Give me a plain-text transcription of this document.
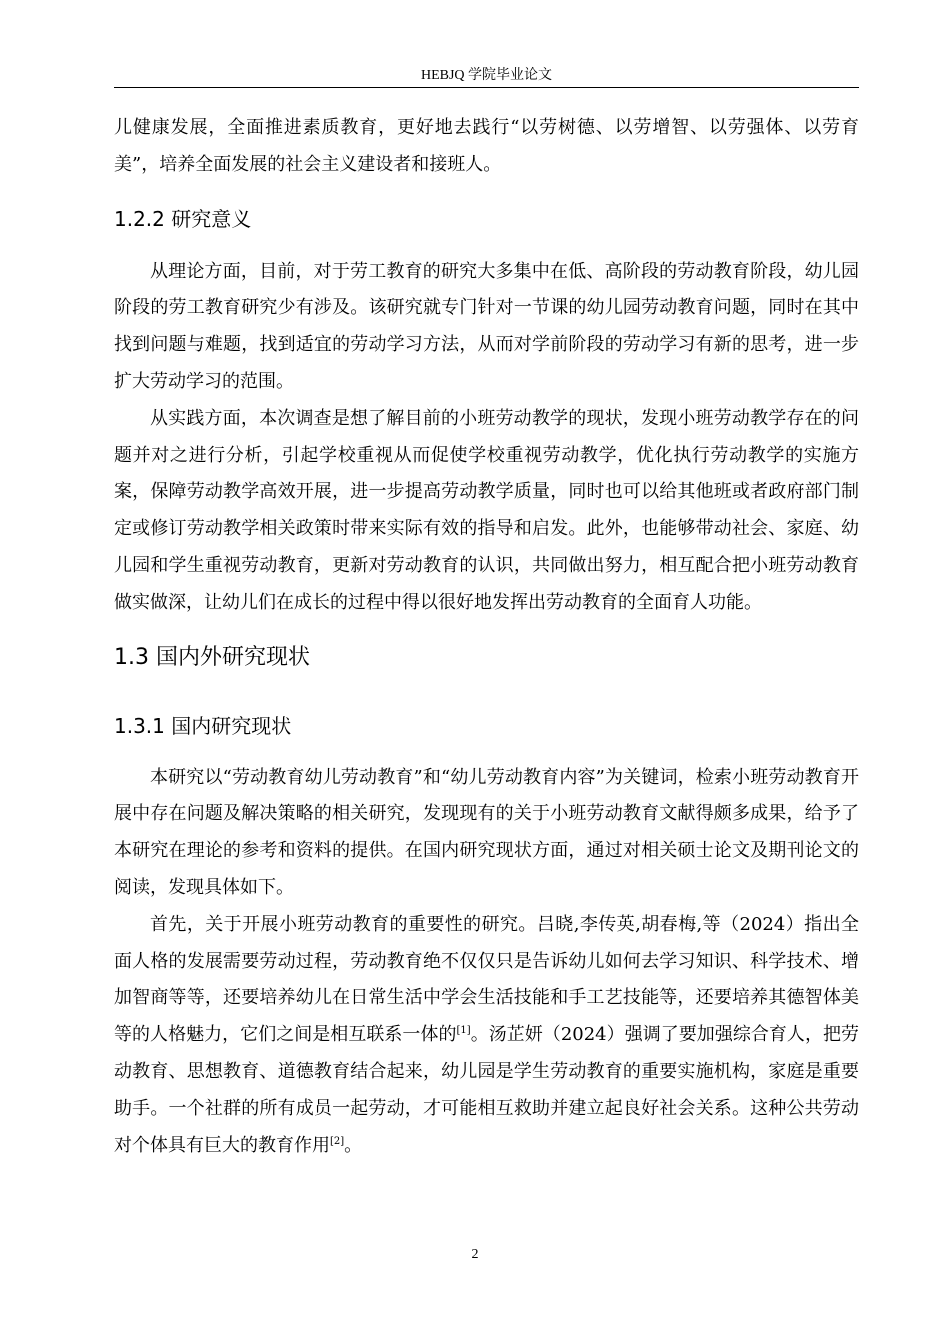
HEBJQ 学院毕业论文

儿健康发展，全面推进素质教育，更好地去践行“以劳树德、以劳增智、以劳强体、以劳育美”，培养全面发展的社会主义建设者和接班人。

1.2.2 研究意义

从理论方面，目前，对于劳工教育的研究大多集中在低、高阶段的劳动教育阶段，幼儿园阶段的劳工教育研究少有涉及。该研究就专门针对一节课的幼儿园劳动教育问题，同时在其中找到问题与难题，找到适宜的劳动学习方法，从而对学前阶段的劳动学习有新的思考，进一步扩大劳动学习的范围。

从实践方面，本次调查是想了解目前的小班劳动教学的现状，发现小班劳动教学存在的问题并对之进行分析，引起学校重视从而促使学校重视劳动教学，优化执行劳动教学的实施方案，保障劳动教学高效开展，进一步提高劳动教学质量，同时也可以给其他班或者政府部门制定或修订劳动教学相关政策时带来实际有效的指导和启发。此外，也能够带动社会、家庭、幼儿园和学生重视劳动教育，更新对劳动教育的认识，共同做出努力，相互配合把小班劳动教育做实做深，让幼儿们在成长的过程中得以很好地发挥出劳动教育的全面育人功能。

1.3 国内外研究现状
1.3.1 国内研究现状

本研究以“劳动教育幼儿劳动教育”和“幼儿劳动教育内容”为关键词，检索小班劳动教育开展中存在问题及解决策略的相关研究，发现现有的关于小班劳动教育文献得颇多成果，给予了本研究在理论的参考和资料的提供。在国内研究现状方面，通过对相关硕士论文及期刊论文的阅读，发现具体如下。

首先，关于开展小班劳动教育的重要性的研究。吕晓,李传英,胡春梅,等（2024）指出全面人格的发展需要劳动过程，劳动教育绝不仅仅只是告诉幼儿如何去学习知识、科学技术、增加智商等等，还要培养幼儿在日常生活中学会生活技能和手工艺技能等，还要培养其德智体美等的人格魅力，它们之间是相互联系一体的[1]。汤芷妍（2024）强调了要加强综合育人，把劳动教育、思想教育、道德教育结合起来，幼儿园是学生劳动教育的重要实施机构，家庭是重要助手。一个社群的所有成员一起劳动，才可能相互救助并建立起良好社会关系。这种公共劳动对个体具有巨大的教育作用[2]。

2
